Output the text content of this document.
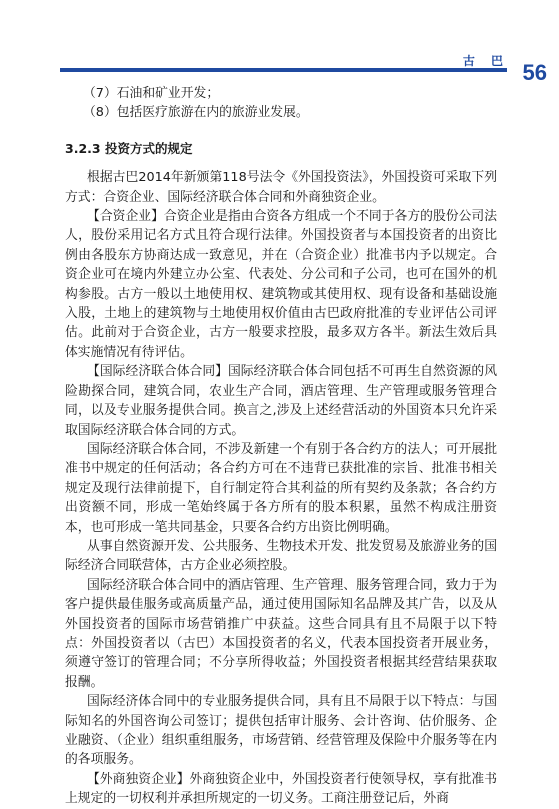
古 巴 56

（7）石油和矿业开发；

（8）包括医疗旅游在内的旅游业发展。

3.2.3 投资方式的规定

根据古巴2014年新颁第118号法令《外国投资法》，外国投资可采取下列方式：合资企业、国际经济联合体合同和外商独资企业。

【合资企业】合资企业是指由合资各方组成一个不同于各方的股份公司法人，股份采用记名方式且符合现行法律。外国投资者与本国投资者的出资比例由各股东方协商达成一致意见，并在（合资企业）批准书内予以规定。合资企业可在境内外建立办公室、代表处、分公司和子公司，也可在国外的机构参股。古方一般以土地使用权、建筑物或其使用权、现有设备和基础设施入股，土地上的建筑物与土地使用权价值由古巴政府批准的专业评估公司评估。此前对于合资企业，古方一般要求控股，最多双方各半。新法生效后具体实施情况有待评估。

【国际经济联合体合同】国际经济联合体合同包括不可再生自然资源的风险勘探合同，建筑合同，农业生产合同，酒店管理、生产管理或服务管理合同，以及专业服务提供合同。换言之,涉及上述经营活动的外国资本只允许采取国际经济联合体合同的方式。

国际经济联合体合同，不涉及新建一个有别于各合约方的法人；可开展批准书中规定的任何活动；各合约方可在不违背已获批准的宗旨、批准书相关规定及现行法律前提下，自行制定符合其利益的所有契约及条款；各合约方出资额不同，形成一笔始终属于各方所有的股本积累，虽然不构成注册资本，也可形成一笔共同基金，只要各合约方出资比例明确。

从事自然资源开发、公共服务、生物技术开发、批发贸易及旅游业务的国际经济合同联营体，古方企业必须控股。

国际经济联合体合同中的酒店管理、生产管理、服务管理合同，致力于为客户提供最佳服务或高质量产品，通过使用国际知名品牌及其广告，以及从外国投资者的国际市场营销推广中获益。这些合同具有且不局限于以下特点：外国投资者以（古巴）本国投资者的名义，代表本国投资者开展业务，须遵守签订的管理合同；不分享所得收益；外国投资者根据其经营结果获取报酬。

国际经济体合同中的专业服务提供合同，具有且不局限于以下特点：与国际知名的外国咨询公司签订；提供包括审计服务、会计咨询、估价服务、企业融资、（企业）组织重组服务，市场营销、经营管理及保险中介服务等在内的各项服务。

【外商独资企业】外商独资企业中，外国投资者行使领导权，享有批准书上规定的一切权利并承担所规定的一切义务。工商注册登记后，外商
